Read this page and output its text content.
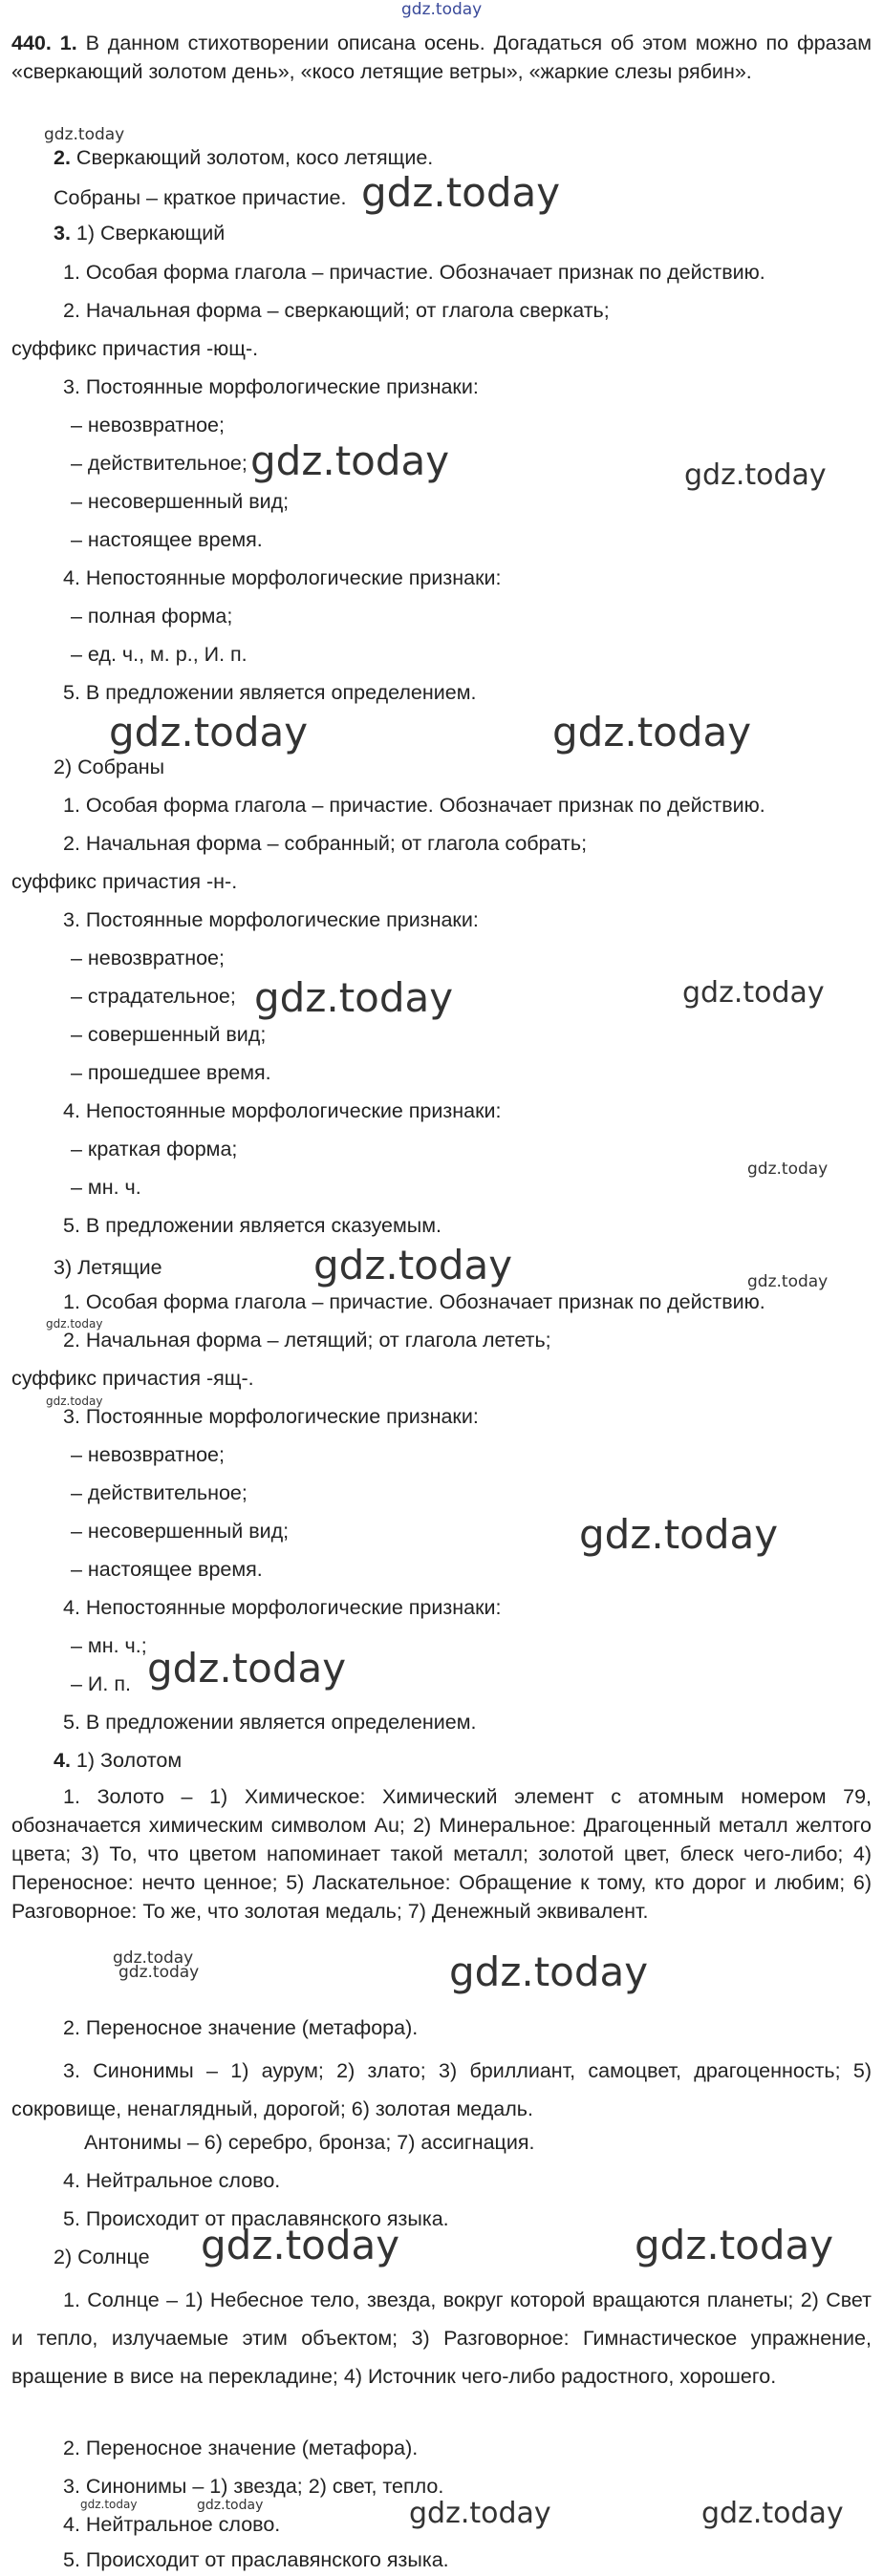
gdz.today
440. 1. В данном стихотворении описана осень. Догадаться об этом можно по фразам «сверкающий золотом день», «косо летящие ветры», «жаркие слезы рябин».
gdz.today
2. Сверкающий золотом, косо летящие.
Собраны – краткое причастие. gdz.today
3. 1) Сверкающий
1. Особая форма глагола – причастие. Обозначает признак по действию.
2. Начальная форма – сверкающий; от глагола сверкать;
суффикс причастия -ющ-.
3. Постоянные морфологические признаки:
– невозвратное;
– действительное;
– несовершенный вид;
– настоящее время.
4. Непостоянные морфологические признаки:
– полная форма;
– ед. ч., м. р., И. п.
5. В предложении является определением.
gdz.today	gdz.today
gdz.today	gdz.today
2) Собраны
1. Особая форма глагола – причастие. Обозначает признак по действию.
2. Начальная форма – собранный; от глагола собрать;
суффикс причастия -н-.
3. Постоянные морфологические признаки:
– невозвратное;
– страдательное;
– совершенный вид;
– прошедшее время.
4. Непостоянные морфологические признаки:
– краткая форма;
– мн. ч.
5. В предложении является сказуемым.
gdz.today	gdz.today
gdz.today
3) Летящие	gdz.today	gdz.today
1. Особая форма глагола – причастие. Обозначает признак по действию.
gdz.today
2. Начальная форма – летящий; от глагола лететь;
суффикс причастия -ящ-.
gdz.today
3. Постоянные морфологические признаки:
– невозвратное;
– действительное;
– несовершенный вид;
– настоящее время.
4. Непостоянные морфологические признаки:
– мн. ч.;
– И. п.
5. В предложении является определением.
gdz.today
gdz.today
4. 1) Золотом
1. Золото – 1) Химическое: Химический элемент с атомным номером 79, обозначается химическим символом Au; 2) Минеральное: Драгоценный металл желтого цвета; 3) То, что цветом напоминает такой металл; золотой цвет, блеск чего-либо; 4) Переносное: нечто ценное; 5) Ласкательное: Обращение к тому, кто дорог и любим; 6) Разговорное: То же, что золотая медаль; 7) Денежный эквивалент.
gdz.today
gdz.today	gdz.today
2. Переносное значение (метафора).
3. Синонимы – 1) аурум; 2) злато; 3) бриллиант, самоцвет, драгоценность; 5) сокровище, ненаглядный, дорогой; 6) золотая медаль.
Антонимы – 6) серебро, бронза; 7) ассигнация.
4. Нейтральное слово.
5. Происходит от праславянского языка.
2) Солнце gdz.today	gdz.today
1. Солнце – 1) Небесное тело, звезда, вокруг которой вращаются планеты; 2) Свет и тепло, излучаемые этим объектом; 3) Разговорное: Гимнастическое упражнение, вращение в висе на перекладине; 4) Источник чего-либо радостного, хорошего.
2. Переносное значение (метафора).
3. Синонимы – 1) звезда; 2) свет, тепло.
gdz.today	gdz.today
4. Нейтральное слово.	gdz.today	gdz.today
5. Происходит от праславянского языка.
